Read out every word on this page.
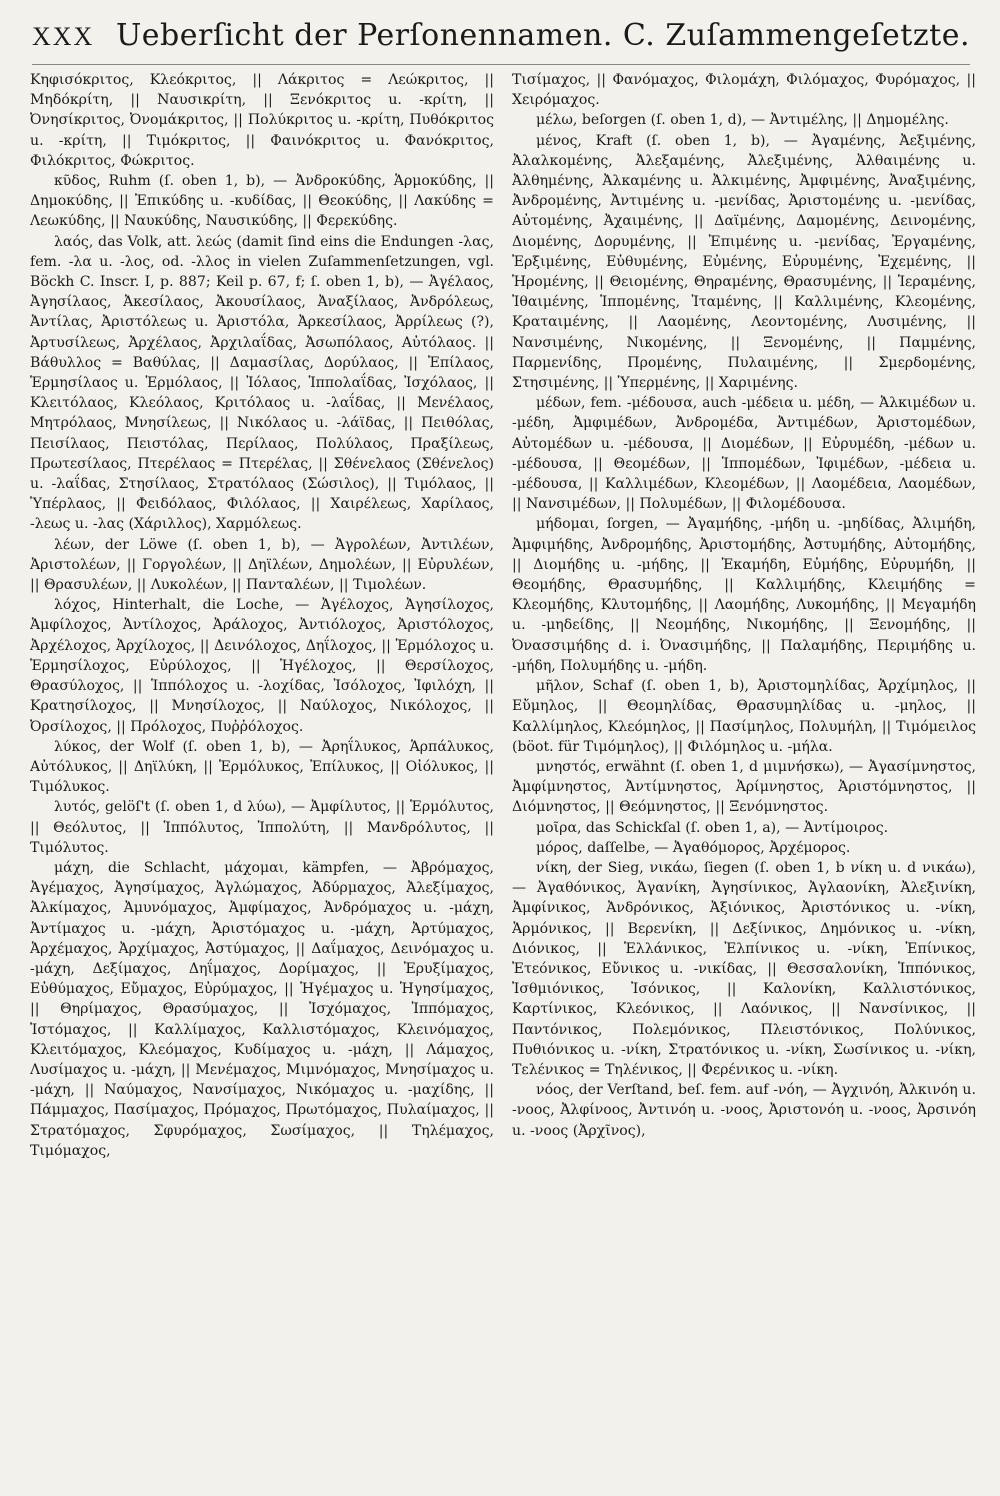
XXX Ueberſicht der Perſonennamen. C. Zuſammengeſetzte.

Κηφισόκριτος, Κλεόκριτος, || Λάκριτος = Λεώκριτος, || Μηδόκρίτη, || Ναυσικρίτη, || Ξενόκριτος u. -κρίτη, || Ὀνησίκριτος, Ὀνομάκριτος, || Πολύκριτος u. -κρίτη, Πυθόκριτος u. -κρίτη, || Τιμόκριτος, || Φαινόκριτος u. Φανόκριτος, Φιλόκριτος, Φώκριτος.

κῦδος, Ruhm (ſ. oben 1, b), — Ἀνδροκύδης, Ἁρμοκύδης, || Δημοκύδης, || Ἐπικύδης u. -κυδίδας, || Θεοκύδης, || Λακύδης = Λεωκύδης, || Ναυκύδης, Ναυσικύδης, || Φερεκύδης.

λαός, das Volk, att. λεώς (damit ſind eins die Endungen -λας, fem. -λα u. -λος, od. -λλος in vielen Zuſammenſetzungen, vgl. Böckh C. Inscr. I, p. 887; Keil p. 67, f; ſ. oben 1, b), — Ἀγέλαος, Ἀγησίλαος, Ἀκεσίλαος, Ἀκουσίλαος, Ἀναξίλαος, Ἀνδρόλεως, Ἀντίλας, Ἀριστόλεως u. Ἀριστόλα, Ἀρκεσίλαος, Ἀρρίλεως (?), Ἀρτυσίλεως, Ἀρχέλαος, Ἀρχιλαΐδας, Ἀσωπόλαος, Αὐτόλαος. || Βάθυλλος = Βαθύλας, || Δαμασίλας, Δορύλαος, || Ἐπίλαος, Ἑρμησίλαος u. Ἑρμόλαος, || Ἰόλαος, Ἱππολαΐδας, Ἰσχόλαος, || Κλειτόλαος, Κλεόλαος, Κριτόλαος u. -λαΐδας, || Μενέλαος, Μητρόλαος, Μνησίλεως, || Νικόλαος u. -λάϊδας, || Πειθόλας, Πεισίλαος, Πειστόλας, Περίλαος, Πολύλαος, Πραξίλεως, Πρωτεσίλαος, Πτερέλαος = Πτερέλας, || Σθένελαος (Σθένελος) u. -λαΐδας, Στησίλαος, Στρατόλαος (Σώσιλος), || Τιμόλαος, || Ὑπέρλαος, || Φειδόλαος, Φιλόλαος, || Χαιρέλεως, Χαρίλαος, -λεως u. -λας (Χάριλλος), Χαρμόλεως.

λέων, der Löwe (ſ. oben 1, b), — Ἀγρολέων, Ἀντιλέων, Ἀριστολέων, || Γοργολέων, || Δηϊλέων, Δημολέων, || Εὐρυλέων, || Θρασυλέων, || Λυκολέων, || Πανταλέων, || Τιμολέων.

λόχος, Hinterhalt, die Loche, — Ἀγέλοχος, Ἀγησίλοχος, Ἀμφίλοχος, Ἀντίλοχος, Ἀράλοχος, Ἀντιόλοχος, Ἀριστόλοχος, Ἀρχέλοχος, Ἀρχίλοχος, || Δεινόλοχος, Δηΐλοχος, || Ἑρμόλοχος u. Ἑρμησίλοχος, Εὐρύλοχος, || Ἡγέλοχος, || Θερσίλοχος, Θρασύλοχος, || Ἱππόλοχος u. -λοχίδας, Ἰσόλοχος, Ἰφιλόχη, || Κρατησίλοχος, || Μνησίλοχος, || Ναύλοχος, Νικόλοχος, || Ὀρσίλοχος, || Πρόλοχος, Πυῤῥόλοχος.

λύκος, der Wolf (ſ. oben 1, b), — Ἀρηΐλυκος, Ἁρπάλυκος, Αὐτόλυκος, || Δηϊλύκη, || Ἑρμόλυκος, Ἐπίλυκος, || Οἰόλυκος, || Τιμόλυκος.

λυτός, gelöſ't (ſ. oben 1, d λύω), — Ἀμφίλυτος, || Ἑρμόλυτος, || Θεόλυτος, || Ἱππόλυτος, Ἱππολύτη, || Μανδρόλυτος, || Τιμόλυτος.

μάχη, die Schlacht, μάχομαι, kämpfen, — Ἀβρόμαχος, Ἀγέμαχος, Ἀγησίμαχος, Ἀγλώμαχος, Ἀδύρμαχος, Ἀλεξίμαχος, Ἀλκίμαχος, Ἀμυνόμαχος, Ἀμφίμαχος, Ἀνδρόμαχος u. -μάχη, Ἀντίμαχος u. -μάχη, Ἀριστόμαχος u. -μάχη, Ἀρτύμαχος, Ἀρχέμαχος, Ἀρχίμαχος, Ἀστύμαχος, || Δαΐμαχος, Δεινόμαχος u. -μάχη, Δεξίμαχος, Δηΐμαχος, Δορίμαχος, || Ἐρυξίμαχος, Εὐθύμαχος, Εὔμαχος, Εὐρύμαχος, || Ἡγέμαχος u. Ἡγησίμαχος, || Θηρίμαχος, Θρασύμαχος, || Ἰσχόμαχος, Ἱππόμαχος, Ἰστόμαχος, || Καλλίμαχος, Καλλιστόμαχος, Κλεινόμαχος, Κλειτόμαχος, Κλεόμαχος, Κυδίμαχος u. -μάχη, || Λάμαχος, Λυσίμαχος u. -μάχη, || Μενέμαχος, Μιμνόμαχος, Μνησίμαχος u. -μάχη, || Ναύμαχος, Νανσίμαχος, Νικόμαχος u. -μαχίδης, || Πάμμαχος, Πασίμαχος, Πρόμαχος, Πρωτόμαχος, Πυλαίμαχος, || Στρατόμαχος, Σφυρόμαχος, Σωσίμαχος, || Τηλέμαχος, Τιμόμαχος,

Τισίμαχος, || Φανόμαχος, Φιλομάχη, Φιλόμαχος, Φυρόμαχος, || Χειρόμαχος.

μέλω, beſorgen (ſ. oben 1, d), — Ἀντιμέλης, || Δημομέλης.

μένος, Kraft (ſ. oben 1, b), — Ἀγαμένης, Ἀεξιμένης, Ἀλαλκομένης, Ἀλεξαμένης, Ἀλεξιμένης, Ἀλθαιμένης u. Ἀλθημένης, Ἀλκαμένης u. Ἀλκιμένης, Ἀμφιμένης, Ἀναξιμένης, Ἀνδρομένης, Ἀντιμένης u. -μενίδας, Ἀριστομένης u. -μενίδας, Αὐτομένης, Ἀχαιμένης, || Δαϊμένης, Δαμομένης, Δεινομένης, Διομένης, Δορυμένης, || Ἐπιμένης u. -μενίδας, Ἐργαμένης, Ἐρξιμένης, Εὐθυμένης, Εὐμένης, Εὐρυμένης, Ἐχεμένης, || Ἡρομένης, || Θειομένης, Θηραμένης, Θρασυμένης, || Ἱεραμένης, Ἰθαιμένης, Ἱππομένης, Ἰταμένης, || Καλλιμένης, Κλεομένης, Κραταιμένης, || Λαομένης, Λεοντομένης, Λυσιμένης, || Νανσιμένης, Νικομένης, || Ξενομένης, || Παμμένης, Παρμενίδης, Προμένης, Πυλαιμένης, || Σμερδομένης, Στησιμένης, || Ὑπερμένης, || Χαριμένης.

μέδων, fem. -μέδουσα, auch -μέδεια u. μέδη, — Ἀλκιμέδων u. -μέδη, Ἀμφιμέδων, Ἀνδρομέδα, Ἀντιμέδων, Ἀριστομέδων, Αὐτομέδων u. -μέδουσα, || Διομέδων, || Εὐρυμέδη, -μέδων u. -μέδουσα, || Θεομέδων, || Ἱππομέδων, Ἰφιμέδων, -μέδεια u. -μέδουσα, || Καλλιμέδων, Κλεομέδων, || Λαομέδεια, Λαομέδων, || Νανσιμέδων, || Πολυμέδων, || Φιλομέδουσα.

μήδομαι, ſorgen, — Ἀγαμήδης, -μήδη u. -μηδίδας, Ἀλιμήδη, Ἀμφιμήδης, Ἀνδρομήδης, Ἀριστομήδης, Ἀστυμήδης, Αὐτομήδης, || Διομήδης u. -μήδης, || Ἑκαμήδη, Εὐμήδης, Εὐρυμήδη, || Θεομήδης, Θρασυμήδης, || Καλλιμήδης, Κλειμήδης = Κλεομήδης, Κλυτομήδης, || Λαομήδης, Λυκομήδης, || Μεγαμήδη u. -μηδείδης, || Νεομήδης, Νικομήδης, || Ξενομήδης, || Ὀνασσιμήδης d. i. Ὀνασιμήδης, || Παλαμήδης, Περιμήδης u. -μήδη, Πολυμήδης u. -μήδη.

μῆλον, Schaf (ſ. oben 1, b), Ἀριστομηλίδας, Ἀρχίμηλος, || Εὔμηλος, || Θεομηλίδας, Θρασυμηλίδας u. -μηλος, || Καλλίμηλος, Κλεόμηλος, || Πασίμηλος, Πολυμήλη, || Τιμόμειλος (böot. für Τιμόμηλος), || Φιλόμηλος u. -μήλα.

μνηστός, erwähnt (ſ. oben 1, d μιμνήσκω), — Ἀγασίμνηστος, Ἀμφίμνηστος, Ἀντίμνηστος, Ἀρίμνηστος, Ἀριστόμνηστος, || Διόμνηστος, || Θεόμνηστος, || Ξενόμνηστος.

μοῖρα, das Schickſal (ſ. oben 1, a), — Ἀντίμοιρος.

μόρος, daſſelbe, — Ἀγαθόμορος, Ἀρχέμορος.

νίκη, der Sieg, νικάω, ſiegen (ſ. oben 1, b νίκη u. d νικάω), — Ἀγαθόνικος, Ἀγανίκη, Ἀγησίνικος, Ἀγλαονίκη, Ἀλεξινίκη, Ἀμφίνικος, Ἀνδρόνικος, Ἀξιόνικος, Ἀριστόνικος u. -νίκη, Ἁρμόνικος, || Βερενίκη, || Δεξίνικος, Δημόνικος u. -νίκη, Διόνικος, || Ἑλλάνικος, Ἐλπίνικος u. -νίκη, Ἐπίνικος, Ἐτεόνικος, Εὔνικος u. -νικίδας, || Θεσσαλονίκη, Ἱππόνικος, Ἰσθμιόνικος, Ἰσόνικος, || Καλονίκη, Καλλιστόνικος, Καρτίνικος, Κλεόνικος, || Λαόνικος, || Νανσίνικος, || Παντόνικος, Πολεμόνικος, Πλειστόνικος, Πολύνικος, Πυθιόνικος u. -νίκη, Στρατόνικος u. -νίκη, Σωσίνικος u. -νίκη, Τελένικος = Τηλένικος, || Φερένικος u. -νίκη.

νόος, der Verſtand, beſ. fem. auf -νόη, — Ἀγχινόη, Ἀλκινόη u. -νοος, Ἀλφίνοος, Ἀντινόη u. -νοος, Ἀριστονόη u. -νοος, Ἀρσινόη u. -νοος (Ἀρχῖνος),
